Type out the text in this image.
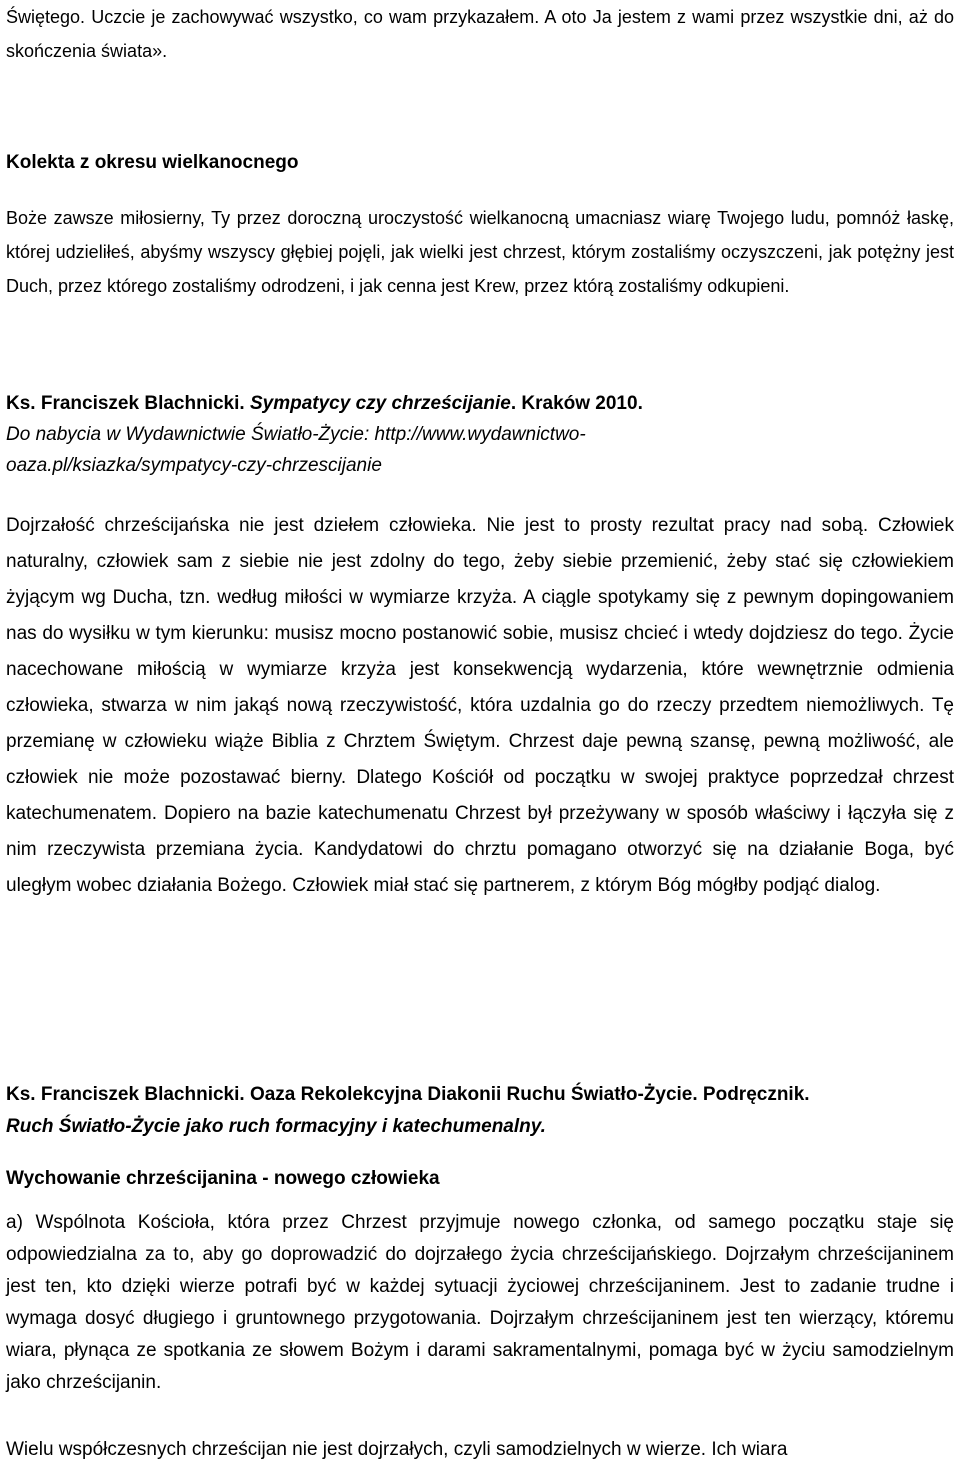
Świętego. Uczcie je zachowywać wszystko, co wam przykazałem. A oto Ja jestem z wami przez wszystkie dni, aż do skończenia świata».

Kolekta z okresu wielkanocnego

Boże zawsze miłosierny, Ty przez doroczną uroczystość wielkanocną umacniasz wiarę Twojego ludu, pomnóż łaskę, której udzieliłeś, abyśmy wszyscy głębiej pojęli, jak wielki jest chrzest, którym zostaliśmy oczyszczeni, jak potężny jest Duch, przez którego zostaliśmy odrodzeni, i jak cenna jest Krew, przez którą zostaliśmy odkupieni.

Ks. Franciszek Blachnicki. Sympatycy czy chrześcijanie. Kraków 2010.
Do nabycia w Wydawnictwie Światło-Życie: http://www.wydawnictwo-oaza.pl/ksiazka/sympatycy-czy-chrzescijanie

Dojrzałość chrześcijańska nie jest dziełem człowieka. Nie jest to prosty rezultat pracy nad sobą. Człowiek naturalny, człowiek sam z siebie nie jest zdolny do tego, żeby siebie przemienić, żeby stać się człowiekiem żyjącym wg Ducha, tzn. według miłości w wymiarze krzyża. A ciągle spotykamy się z pewnym dopingowaniem nas do wysiłku w tym kierunku: musisz mocno postanowić sobie, musisz chcieć i wtedy dojdziesz do tego. Życie nacechowane miłością w wymiarze krzyża jest konsekwencją wydarzenia, które wewnętrznie odmienia człowieka, stwarza w nim jakąś nową rzeczywistość, która uzdalnia go do rzeczy przedtem niemożliwych. Tę przemianę w człowieku wiąże Biblia z Chrztem Świętym. Chrzest daje pewną szansę, pewną możliwość, ale człowiek nie może pozostawać bierny. Dlatego Kościół od początku w swojej praktyce poprzedzał chrzest katechumenatem. Dopiero na bazie katechumenatu Chrzest był przeżywany w sposób właściwy i łączyła się z nim rzeczywista przemiana życia. Kandydatowi do chrztu pomagano otworzyć się na działanie Boga, być uległym wobec działania Bożego. Człowiek miał stać się partnerem, z którym Bóg mógłby podjąć dialog.

Ks. Franciszek Blachnicki. Oaza Rekolekcyjna Diakonii Ruchu Światło-Życie. Podręcznik.
Ruch Światło-Życie jako ruch formacyjny i katechumenalny.

Wychowanie chrześcijanina - nowego człowieka

a) Wspólnota Kościoła, która przez Chrzest przyjmuje nowego członka, od samego początku staje się odpowiedzialna za to, aby go doprowadzić do dojrzałego życia chrześcijańskiego. Dojrzałym chrześcijaninem jest ten, kto dzięki wierze potrafi być w każdej sytuacji życiowej chrześcijaninem. Jest to zadanie trudne i wymaga dosyć długiego i gruntownego przygotowania. Dojrzałym chrześcijaninem jest ten wierzący, któremu wiara, płynąca ze spotkania ze słowem Bożym i darami sakramentalnymi, pomaga być w życiu samodzielnym jako chrześcijanin.

Wielu współczesnych chrześcijan nie jest dojrzałych, czyli samodzielnych w wierze. Ich wiara
